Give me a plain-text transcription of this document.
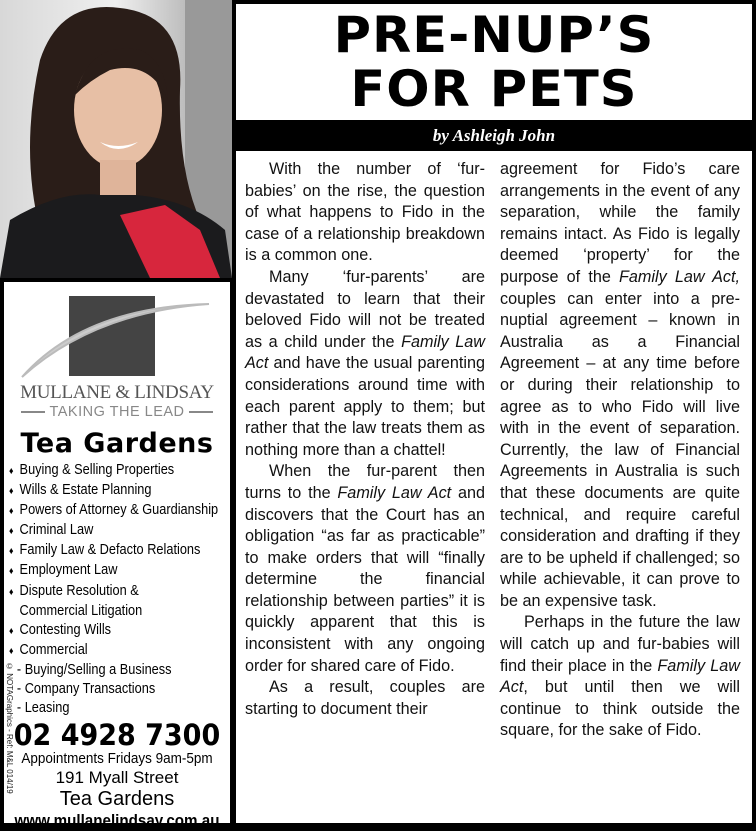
MULLANE & LINDSAY
TAKING THE LEAD
Tea Gardens
♦ Buying & Selling Properties
♦ Wills & Estate Planning
♦ Powers of Attorney & Guardianship
♦ Criminal Law
♦ Family Law & Defacto Relations
♦ Employment Law
♦ Dispute Resolution &
Commercial Litigation
♦ Contesting Wills
♦ Commercial
- Buying/Selling a Business
- Company Transactions
- Leasing
02 4928 7300
Appointments Fridays 9am-5pm
191 Myall Street
Tea Gardens
www.mullanelindsay.com.au
© NOTAGraphics - Ref: M&L 014/19
PRE-NUP’S
FOR PETS
by Ashleigh John

With the number of ‘fur-babies’ on the rise, the question of what happens to Fido in the case of a relationship breakdown is a common one.

Many ‘fur-parents’ are devastated to learn that their beloved Fido will not be treated as a child under the Family Law Act and have the usual parenting considerations around time with each parent apply to them; but rather that the law treats them as nothing more than a chattel!

When the fur-parent then turns to the Family Law Act and discovers that the Court has an obligation “as far as practicable” to make orders that will “finally determine the financial relationship between parties” it is quickly apparent that this is inconsistent with any ongoing order for shared care of Fido.

As a result, couples are starting to document their

agreement for Fido’s care arrangements in the event of any separation, while the family remains intact. As Fido is legally deemed ‘property’ for the purpose of the Family Law Act, couples can enter into a pre-nuptial agreement – known in Australia as a Financial Agreement – at any time before or during their relationship to agree as to who Fido will live with in the event of separation. Currently, the law of Financial Agreements in Australia is such that these documents are quite technical, and require careful consideration and drafting if they are to be upheld if challenged; so while achievable, it can prove to be an expensive task.

Perhaps in the future the law will catch up and fur-babies will find their place in the Family Law Act, but until then we will continue to think outside the square, for the sake of Fido.
